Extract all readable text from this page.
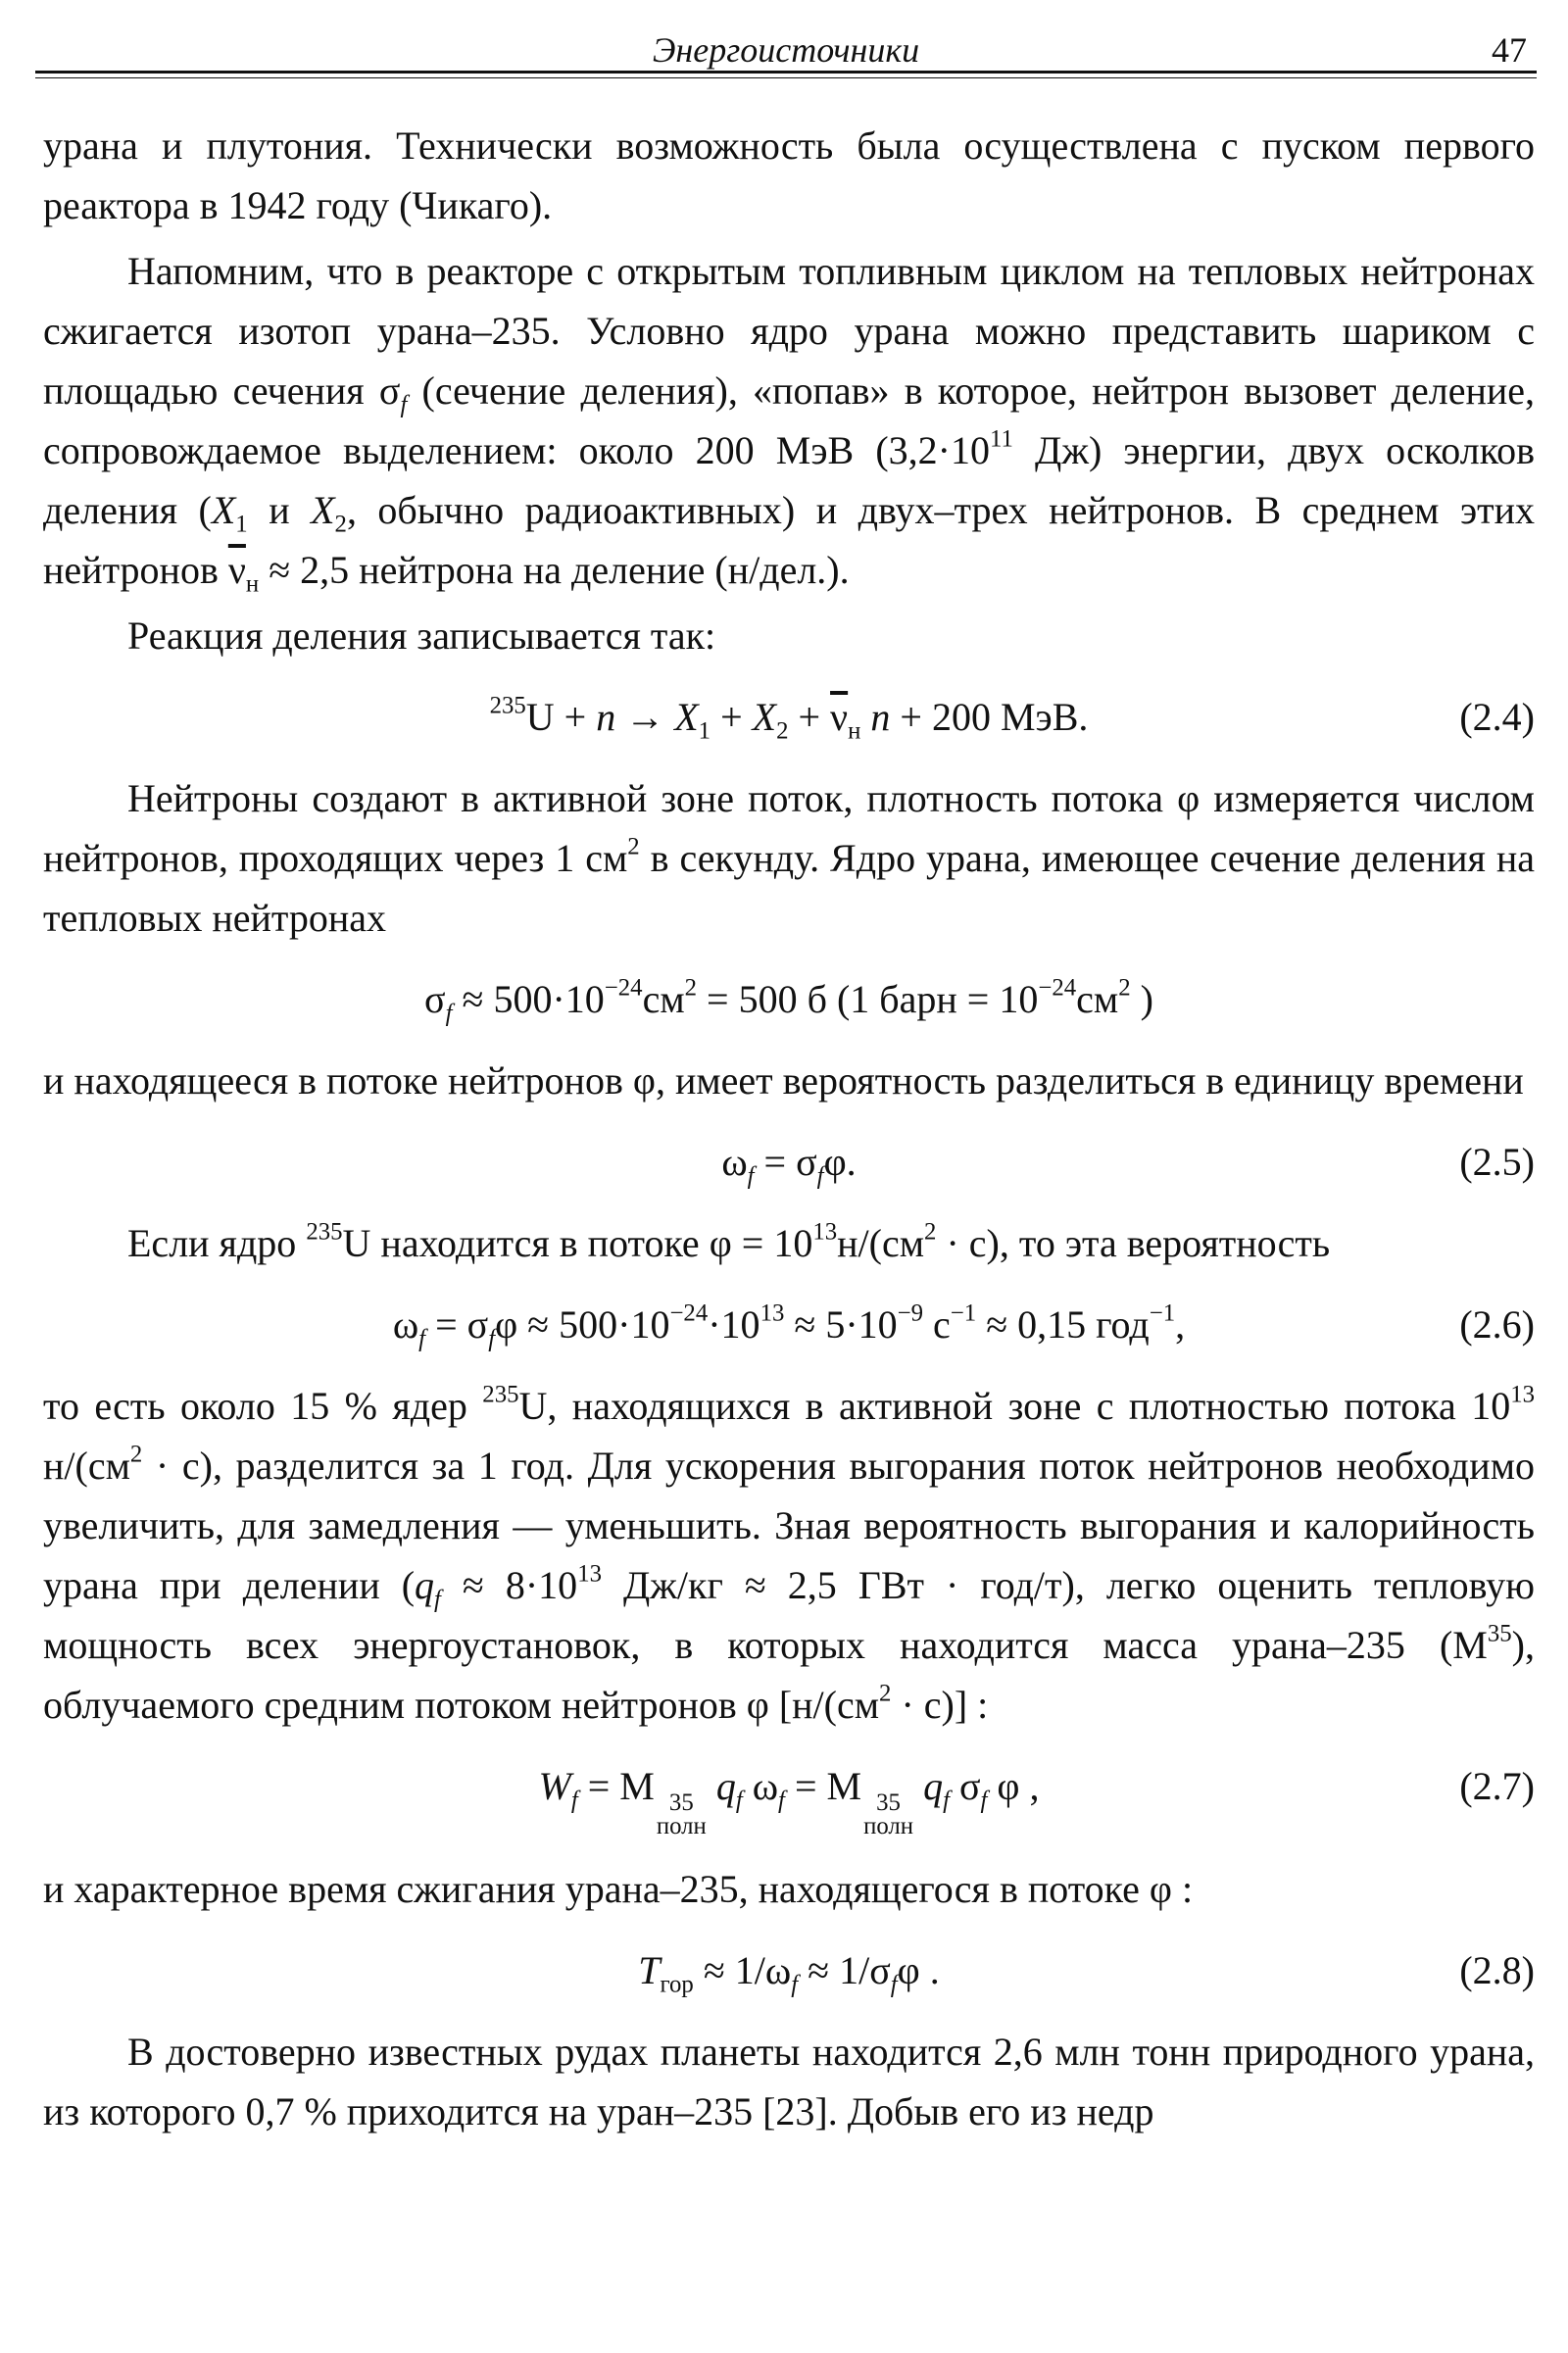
Энергоисточники	47

урана и плутония. Технически возможность была осуществлена с пуском первого реактора в 1942 году (Чикаго).

Напомним, что в реакторе с открытым топливным циклом на тепловых нейтронах сжигается изотоп урана–235. Условно ядро урана можно представить шариком с площадью сечения $\sigma_f$ (сечение деления), «попав» в которое, нейтрон вызовет деление, сопровождаемое выделением: около 200 МэВ ($3,2\cdot 10^{11}$ Дж) энергии, двух осколков деления ($X_1$ и $X_2$, обычно радиоактивных) и двух–трех нейтронов. В среднем этих нейтронов $\overline{\nu}_н \approx 2,5$ нейтрона на деление (н/дел.).

Реакция деления записывается так:

$^{235}U + n \to X_1 + X_2 + \overline{\nu}_н$ n + 200 МэВ.	(2.4)

Нейтроны создают в активной зоне поток, плотность потока φ измеряется числом нейтронов, проходящих через 1 $см^2$ в секунду. Ядро урана, имеющее сечение деления на тепловых нейтронах

$\sigma_f \approx 500\cdot 10^{-24}см^2 = 500$ б (1 барн = $10^{-24}см^2$ )

и находящееся в потоке нейтронов φ, имеет вероятность разделиться в единицу времени

$\omega_f = \sigma_f\varphi$.	(2.5)

Если ядро $^{235}$U находится в потоке $\varphi = 10^{13}н/(см^2 \cdot с)$, то эта вероятность

$\omega_f = \sigma_f\varphi \approx 500\cdot 10^{-24}\cdot 10^{13} \approx 5\cdot 10^{-9}$ $с^{-1} \approx 0,15$ год$^{-1}$,	(2.6)

то есть около 15 % ядер $^{235}$U, находящихся в активной зоне с плотностью потока $10^{13}$ $н/(см^2 \cdot с)$, разделится за 1 год. Для ускорения выгорания поток нейтронов необходимо увеличить, для замедления — уменьшить. Зная вероятность выгорания и калорийность урана при делении ($q_f \approx 8\cdot 10^{13}$ Дж/кг ≈ 2,5 ГВт · год/т), легко оценить тепловую мощность всех энергоустановок, в которых находится масса урана–235 $(M^{35})$, облучаемого средним потоком нейтронов φ $[н/(см^2 \cdot с)]$ :

$W_f = M$ 35
полн
$q_f$ $\omega_f = M$ 35
полн
$q_f$ $\sigma_f$ φ ,	(2.7)

и характерное время сжигания урана–235, находящегося в потоке φ :

$T_{гор} \approx 1/\omega_f \approx 1/\sigma_f\varphi$ .	(2.8)

В достоверно известных рудах планеты находится 2,6 млн тонн природного урана, из которого 0,7 % приходится на уран–235 [23]. Добыв его из недр
